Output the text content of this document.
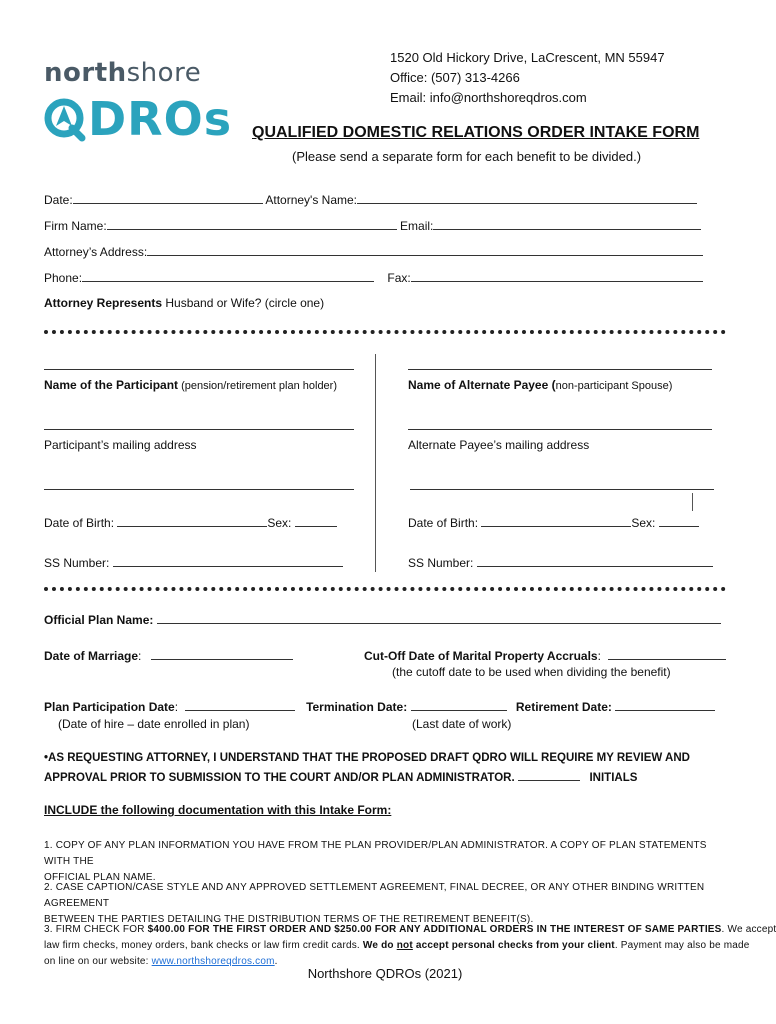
northshore
DROs
1520 Old Hickory Drive, LaCrescent, MN 55947
Office: (507) 313-4266
Email: info@northshoreqdros.com
QUALIFIED DOMESTIC RELATIONS ORDER INTAKE FORM
(Please send a separate form for each benefit to be divided.)
Date:	Attorney's Name:
Firm Name:	Email:
Attorney’s Address:
Phone:	Fax:
Attorney Represents Husband or Wife? (circle one)
Name of the Participant (pension/retirement plan holder)	Name of Alternate Payee (non-participant Spouse)
Participant’s mailing address	Alternate Payee’s mailing address
Date of Birth:	Sex:	Date of Birth:	Sex:
SS Number:	SS Number:
Official Plan Name:
Date of Marriage:	Cut-Off Date of Marital Property Accruals:
(the cutoff date to be used when dividing the benefit)
Plan Participation Date:	Termination Date:	Retirement Date:
(Date of hire – date enrolled in plan)	(Last date of work)
•AS REQUESTING ATTORNEY, I UNDERSTAND THAT THE PROPOSED DRAFT QDRO WILL REQUIRE MY REVIEW AND
APPROVAL PRIOR TO SUBMISSION TO THE COURT AND/OR PLAN ADMINISTRATOR.	INITIALS
INCLUDE the following documentation with this Intake Form:
1. COPY OF ANY PLAN INFORMATION YOU HAVE FROM THE PLAN PROVIDER/PLAN ADMINISTRATOR. A COPY OF PLAN STATEMENTS WITH THE
OFFICIAL PLAN NAME.
2. CASE CAPTION/CASE STYLE AND ANY APPROVED SETTLEMENT AGREEMENT, FINAL DECREE, OR ANY OTHER BINDING WRITTEN AGREEMENT
BETWEEN THE PARTIES DETAILING THE DISTRIBUTION TERMS OF THE RETIREMENT BENEFIT(S).
3. FIRM CHECK FOR $400.00 FOR THE FIRST ORDER AND $250.00 FOR ANY ADDITIONAL ORDERS IN THE INTEREST OF SAME PARTIES. We accept
law firm checks, money orders, bank checks or law firm credit cards. We do not accept personal checks from your client. Payment may also be made
on line on our website: www.northshoreqdros.com.
Northshore QDROs (2021)
